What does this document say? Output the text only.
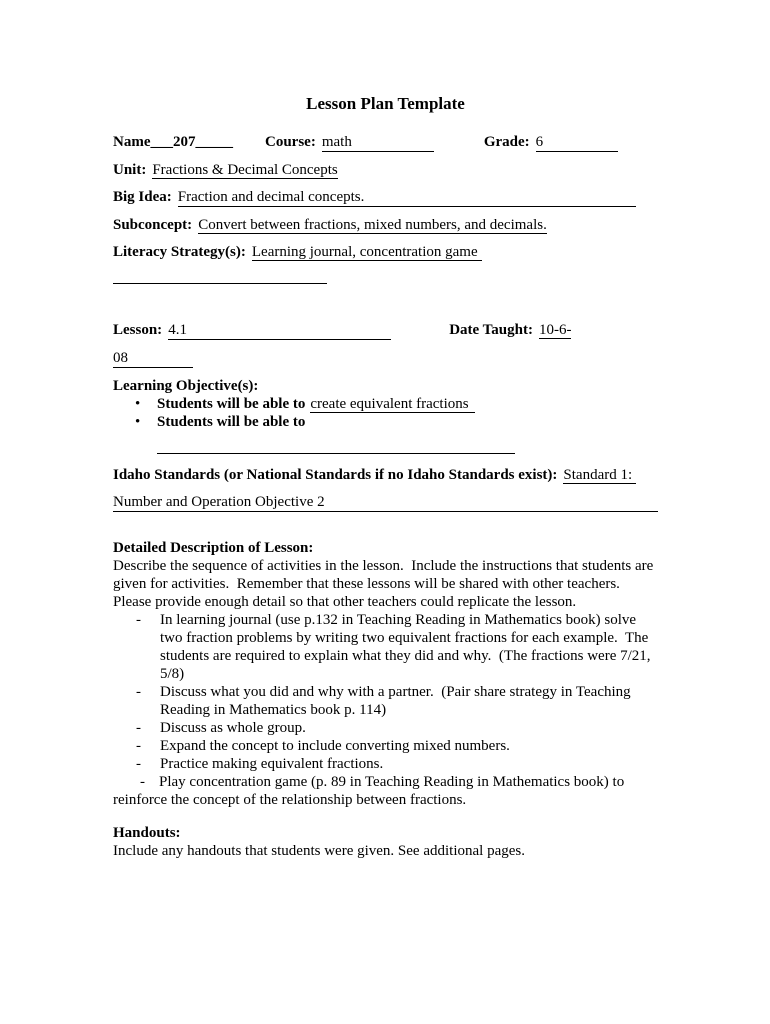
Lesson Plan Template
Name___207_____ Course: math	Grade: 6
Unit: Fractions & Decimal Concepts
Big Idea: Fraction and decimal concepts.
Subconcept: Convert between fractions, mixed numbers, and decimals.
Literacy Strategy(s): Learning journal, concentration game
Lesson: 4.1	Date Taught: 10-6-
08
Learning Objective(s):
•	Students will be able to create equivalent fractions
•	Students will be able to
Idaho Standards (or National Standards if no Idaho Standards exist): Standard 1:
Number and Operation Objective 2
Detailed Description of Lesson:
Describe the sequence of activities in the lesson.  Include the instructions that students are given for activities.  Remember that these lessons will be shared with other teachers.  Please provide enough detail so that other teachers could replicate the lesson.
-	In learning journal (use p.132 in Teaching Reading in Mathematics book) solve two fraction problems by writing two equivalent fractions for each example.  The students are required to explain what they did and why.  (The fractions were 7/21, 5/8)
-	Discuss what you did and why with a partner.  (Pair share strategy in Teaching Reading in Mathematics book p. 114)
-	Discuss as whole group.
-	Expand the concept to include converting mixed numbers.
-	Practice making equivalent fractions.
- Play concentration game (p. 89 in Teaching Reading in Mathematics book) to reinforce the concept of the relationship between fractions.
Handouts:
Include any handouts that students were given. See additional pages.
